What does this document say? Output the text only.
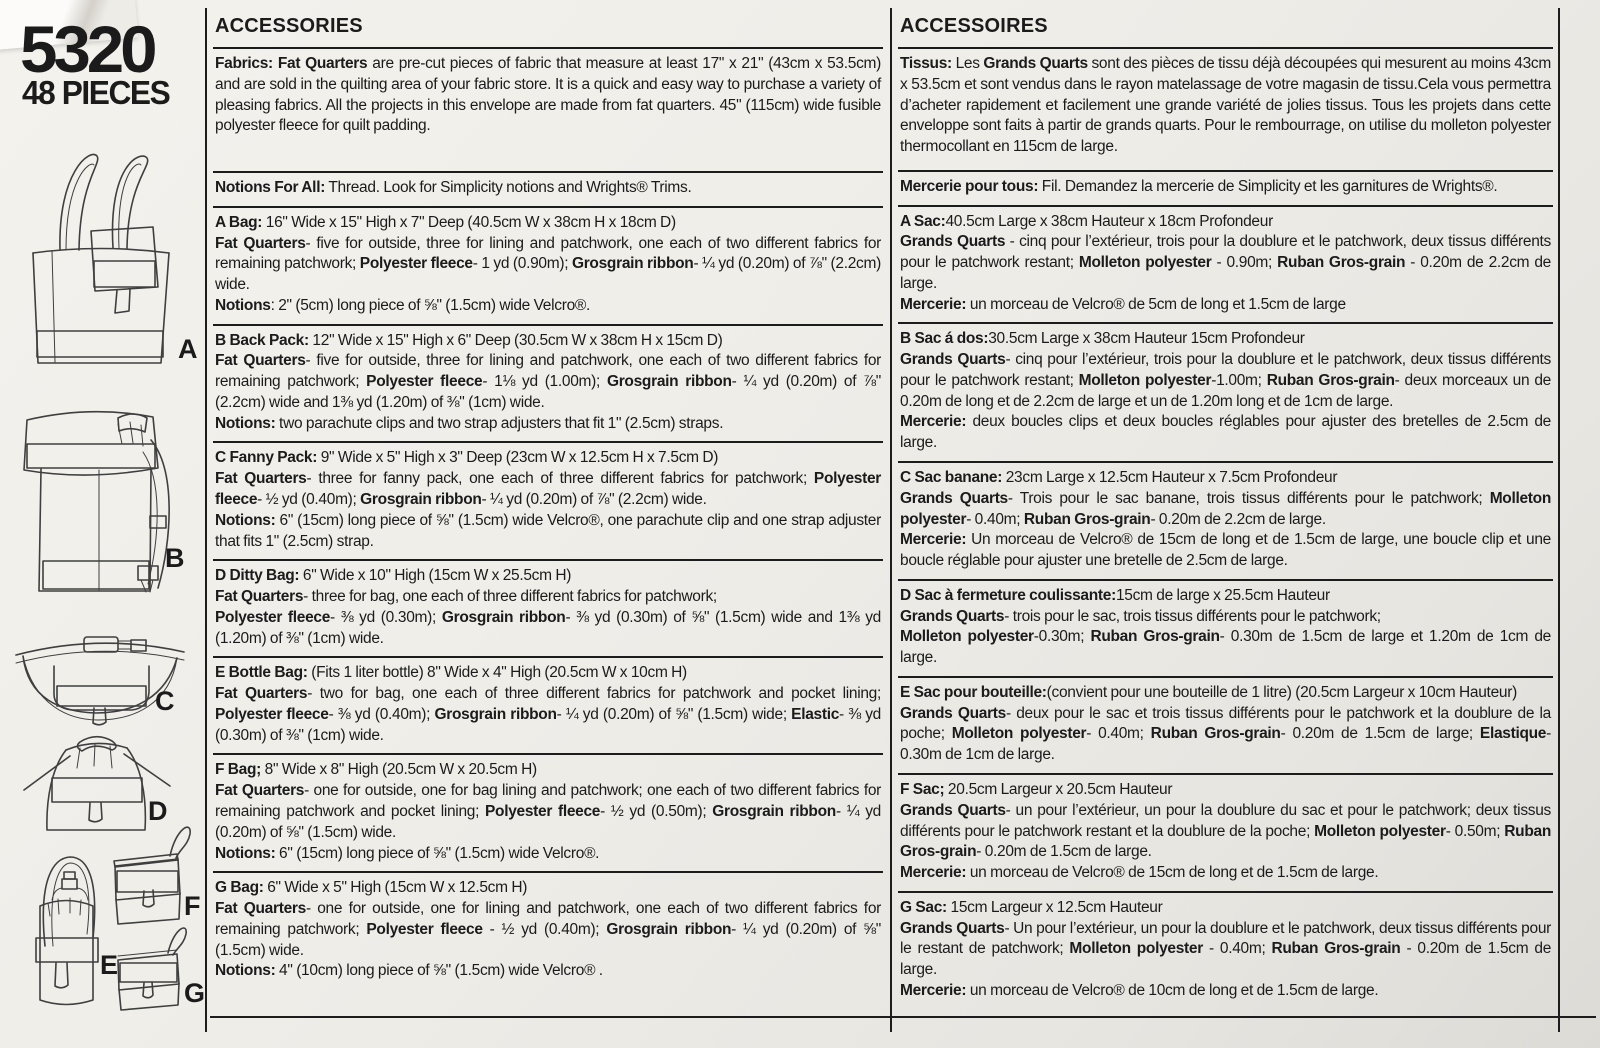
5320
48 PIECES
A
B
C
D
E
F
G
ACCESSORIES

Fabrics: Fat Quarters are pre-cut pieces of fabric that measure at least 17" x 21" (43cm x 53.5cm) and are sold in the quilting area of your fabric store. It is a quick and easy way to purchase a variety of pleasing fabrics. All the projects in this envelope are made from fat quarters. 45" (115cm) wide fusible polyester fleece for quilt padding.

Notions For All: Thread. Look for Simplicity notions and Wrights® Trims.

A Bag: 16" Wide x 15" High x 7" Deep (40.5cm W x 38cm H x 18cm D)

Fat Quarters- five for outside, three for lining and patchwork, one each of two different fabrics for remaining patchwork; Polyester fleece- 1 yd (0.90m); Grosgrain ribbon- ¼ yd (0.20m) of ⅞" (2.2cm) wide.

Notions: 2" (5cm) long piece of ⅝" (1.5cm) wide Velcro®.

B Back Pack: 12" Wide x 15" High x 6" Deep (30.5cm W x 38cm H x 15cm D)

Fat Quarters- five for outside, three for lining and patchwork, one each of two different fabrics for remaining patchwork; Polyester fleece- 1⅛ yd (1.00m); Grosgrain ribbon- ¼ yd (0.20m) of ⅞" (2.2cm) wide and 1⅜ yd (1.20m) of ⅜" (1cm) wide.

Notions: two parachute clips and two strap adjusters that fit 1" (2.5cm) straps.

C Fanny Pack: 9" Wide x 5" High x 3" Deep (23cm W x 12.5cm H x 7.5cm D)

Fat Quarters- three for fanny pack, one each of three different fabrics for patchwork; Polyester fleece- ½ yd (0.40m); Grosgrain ribbon- ¼ yd (0.20m) of ⅞" (2.2cm) wide.

Notions: 6" (15cm) long piece of ⅝" (1.5cm) wide Velcro®, one parachute clip and one strap adjuster that fits 1" (2.5cm) strap.

D Ditty Bag: 6" Wide x 10" High (15cm W x 25.5cm H)

Fat Quarters- three for bag, one each of three different fabrics for patchwork;

Polyester fleece- ⅜ yd (0.30m); Grosgrain ribbon- ⅜ yd (0.30m) of ⅝" (1.5cm) wide and 1⅜ yd (1.20m) of ⅜" (1cm) wide.

E Bottle Bag: (Fits 1 liter bottle) 8" Wide x 4" High (20.5cm W x 10cm H)

Fat Quarters- two for bag, one each of three different fabrics for patchwork and pocket lining; Polyester fleece- ⅜ yd (0.40m); Grosgrain ribbon- ¼ yd (0.20m) of ⅝" (1.5cm) wide; Elastic- ⅜ yd (0.30m) of ⅜" (1cm) wide.

F Bag; 8" Wide x 8" High (20.5cm W x 20.5cm H)

Fat Quarters- one for outside, one for bag lining and patchwork; one each of two different fabrics for remaining patchwork and pocket lining; Polyester fleece- ½ yd (0.50m); Grosgrain ribbon- ¼ yd (0.20m) of ⅝" (1.5cm) wide.

Notions: 6" (15cm) long piece of ⅝" (1.5cm) wide Velcro®.

G Bag: 6" Wide x 5" High (15cm W x 12.5cm H)

Fat Quarters- one for outside, one for lining and patchwork, one each of two different fabrics for remaining patchwork; Polyester fleece - ½ yd (0.40m); Grosgrain ribbon- ¼ yd (0.20m) of ⅝" (1.5cm) wide.

Notions: 4" (10cm) long piece of ⅝" (1.5cm) wide Velcro® .

ACCESSOIRES

Tissus: Les Grands Quarts sont des pièces de tissu déjà découpées qui mesurent au moins 43cm x 53.5cm et sont vendus dans le rayon matelassage de votre magasin de tissu.Cela vous permettra d’acheter rapidement et facilement une grande variété de jolies tissus. Tous les projets dans cette enveloppe sont faits à partir de grands quarts. Pour le rembourrage, on utilise du molleton polyester thermocollant en 115cm de large.

Mercerie pour tous: Fil. Demandez la mercerie de Simplicity et les garnitures de Wrights®.

A Sac:40.5cm Large x 38cm Hauteur x 18cm Profondeur

Grands Quarts - cinq pour l’extérieur, trois pour la doublure et le patchwork, deux tissus différents pour le patchwork restant; Molleton polyester - 0.90m; Ruban Gros-grain - 0.20m de 2.2cm de large.

Mercerie: un morceau de Velcro® de 5cm de long et 1.5cm de large

B Sac á dos:30.5cm Large x 38cm Hauteur 15cm Profondeur

Grands Quarts- cinq pour l’extérieur, trois pour la doublure et le patchwork, deux tissus différents pour le patchwork restant; Molleton polyester-1.00m; Ruban Gros-grain- deux morceaux un de 0.20m de long et de 2.2cm de large et un de 1.20m long et de 1cm de large.

Mercerie: deux boucles clips et deux boucles réglables pour ajuster des bretelles de 2.5cm de large.

C Sac banane: 23cm Large x 12.5cm Hauteur x 7.5cm Profondeur

Grands Quarts- Trois pour le sac banane, trois tissus différents pour le patchwork; Molleton polyester- 0.40m; Ruban Gros-grain- 0.20m de 2.2cm de large.

Mercerie: Un morceau de Velcro® de 15cm de long et de 1.5cm de large, une boucle clip et une boucle réglable pour ajuster une bretelle de 2.5cm de large.

D Sac à fermeture coulissante:15cm de large x 25.5cm Hauteur

Grands Quarts- trois pour le sac, trois tissus différents pour le patchwork;

Molleton polyester-0.30m; Ruban Gros-grain- 0.30m de 1.5cm de large et 1.20m de 1cm de large.

E Sac pour bouteille:(convient pour une bouteille de 1 litre) (20.5cm Largeur x 10cm Hauteur)

Grands Quarts- deux pour le sac et trois tissus différents pour le patchwork et la doublure de la poche; Molleton polyester- 0.40m; Ruban Gros-grain- 0.20m de 1.5cm de large; Elastique- 0.30m de 1cm de large.

F Sac; 20.5cm Largeur x 20.5cm Hauteur

Grands Quarts- un pour l’extérieur, un pour la doublure du sac et pour le patchwork; deux tissus différents pour le patchwork restant et la doublure de la poche; Molleton polyester- 0.50m; Ruban Gros-grain- 0.20m de 1.5cm de large.

Mercerie: un morceau de Velcro® de 15cm de long et de 1.5cm de large.

G Sac: 15cm Largeur x 12.5cm Hauteur

Grands Quarts- Un pour l’extérieur, un pour la doublure et le patchwork, deux tissus différents pour le restant de patchwork; Molleton polyester - 0.40m; Ruban Gros-grain - 0.20m de 1.5cm de large.

Mercerie: un morceau de Velcro® de 10cm de long et de 1.5cm de large.
